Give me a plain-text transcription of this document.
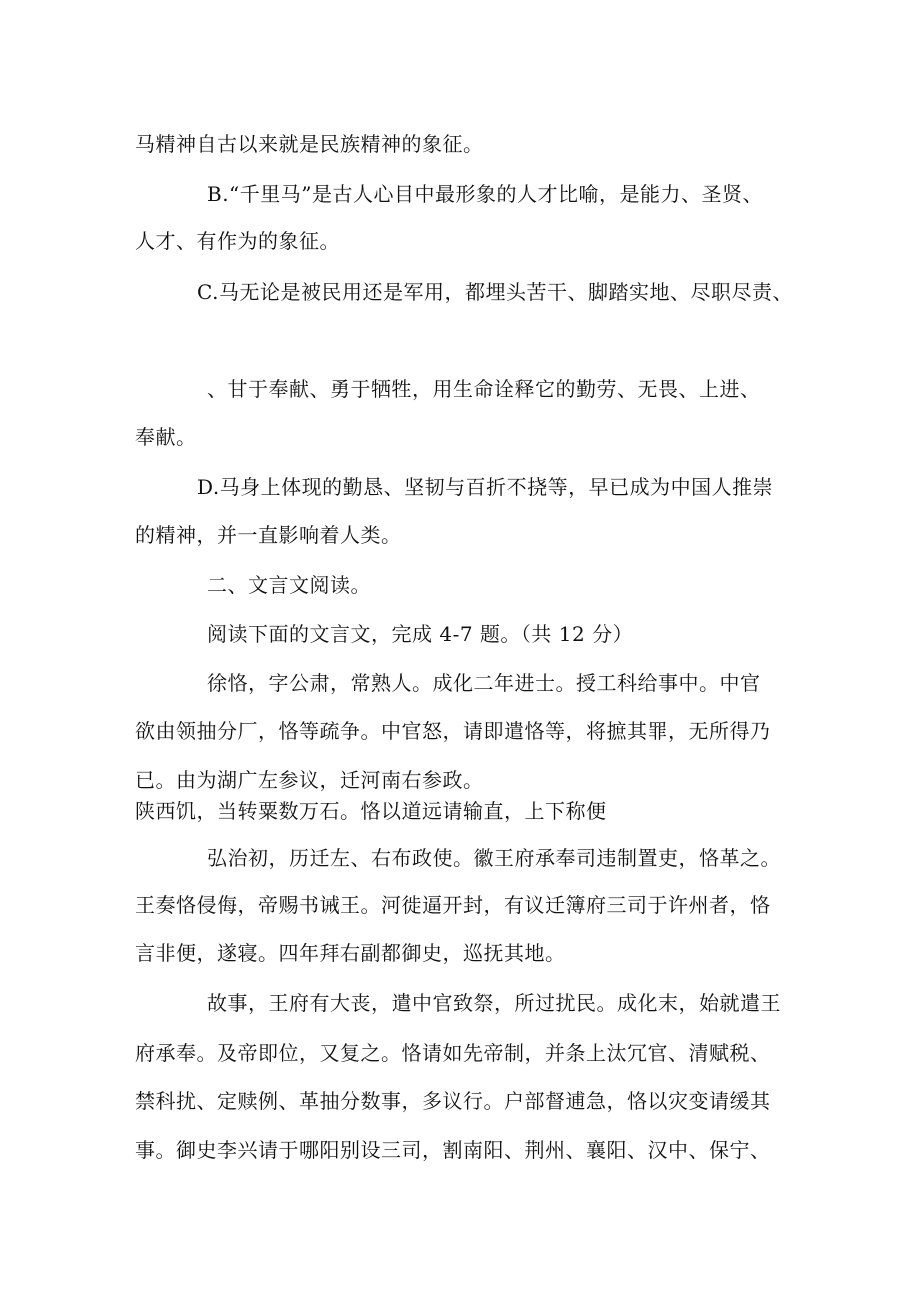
马精神自古以来就是民族精神的象征。
B.“千里马”是古人心目中最形象的人才比喻，是能力、圣贤、
人才、有作为的象征。
C.马无论是被民用还是军用，都埋头苦干、脚踏实地、尽职尽责、
、甘于奉献、勇于牺牲，用生命诠释它的勤劳、无畏、上进、
奉献。
D.马身上体现的勤恳、坚韧与百折不挠等，早已成为中国人推崇
的精神，并一直影响着人类。
二、文言文阅读。
阅读下面的文言文，完成 4-7 题。（共 12 分）
徐恪，字公肃，常熟人。成化二年进士。授工科给事中。中官
欲由领抽分厂，恪等疏争。中官怒，请即遣恪等，将摭其罪，无所得乃
已。由为湖广左参议，迁河南右参政。
陕西饥，当转粟数万石。恪以道远请输直，上下称便
弘治初，历迁左、右布政使。徽王府承奉司违制置吏，恪革之。
王奏恪侵侮，帝赐书诫王。河徙逼开封，有议迁簿府三司于许州者，恪
言非便，遂寝。四年拜右副都御史，巡抚其地。
故事，王府有大丧，遣中官致祭，所过扰民。成化末，始就遣王
府承奉。及帝即位，又复之。恪请如先帝制，并条上汰冗官、清赋税、
禁科扰、定赎例、革抽分数事，多议行。户部督逋急，恪以灾变请缓其
事。御史李兴请于哪阳别设三司，割南阳、荆州、襄阳、汉中、保宁、
